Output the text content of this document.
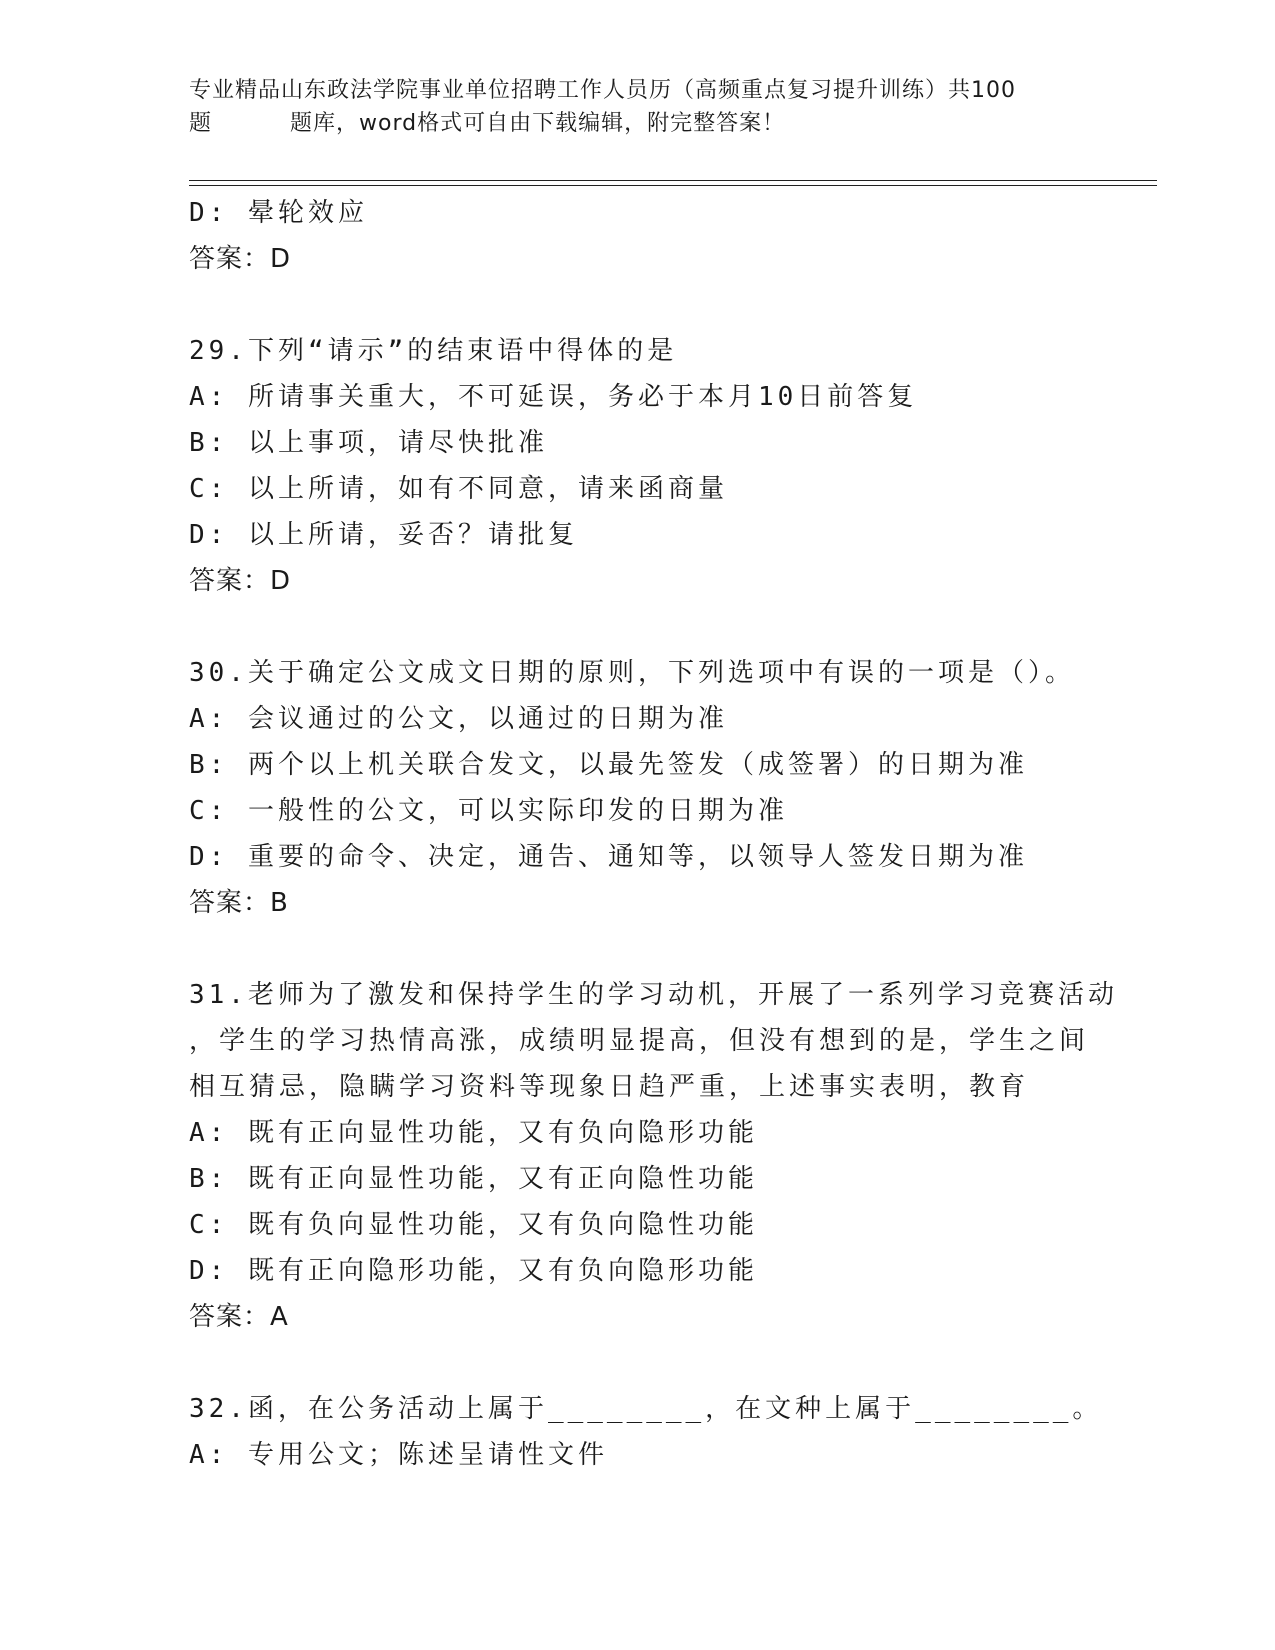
专业精品山东政法学院事业单位招聘工作人员历（高频重点复习提升训练）共100
题	题库，word格式可自由下载编辑，附完整答案！
D: 晕轮效应
答案：D
29.下列“请示”的结束语中得体的是
A: 所请事关重大，不可延误，务必于本月10日前答复
B: 以上事项，请尽快批准
C: 以上所请，如有不同意，请来函商量
D: 以上所请，妥否？请批复
答案：D
30.关于确定公文成文日期的原则，下列选项中有误的一项是（）。
A: 会议通过的公文，以通过的日期为准
B: 两个以上机关联合发文，以最先签发（成签署）的日期为准
C: 一般性的公文，可以实际印发的日期为准
D: 重要的命令、决定，通告、通知等，以领导人签发日期为准
答案：B
31.老师为了激发和保持学生的学习动机，开展了一系列学习竞赛活动
，学生的学习热情高涨，成绩明显提高，但没有想到的是，学生之间
相互猜忌，隐瞒学习资料等现象日趋严重，上述事实表明，教育
A: 既有正向显性功能，又有负向隐形功能
B: 既有正向显性功能，又有正向隐性功能
C: 既有负向显性功能，又有负向隐性功能
D: 既有正向隐形功能，又有负向隐形功能
答案：A
32.函，在公务活动上属于________，在文种上属于________。
A: 专用公文；陈述呈请性文件
